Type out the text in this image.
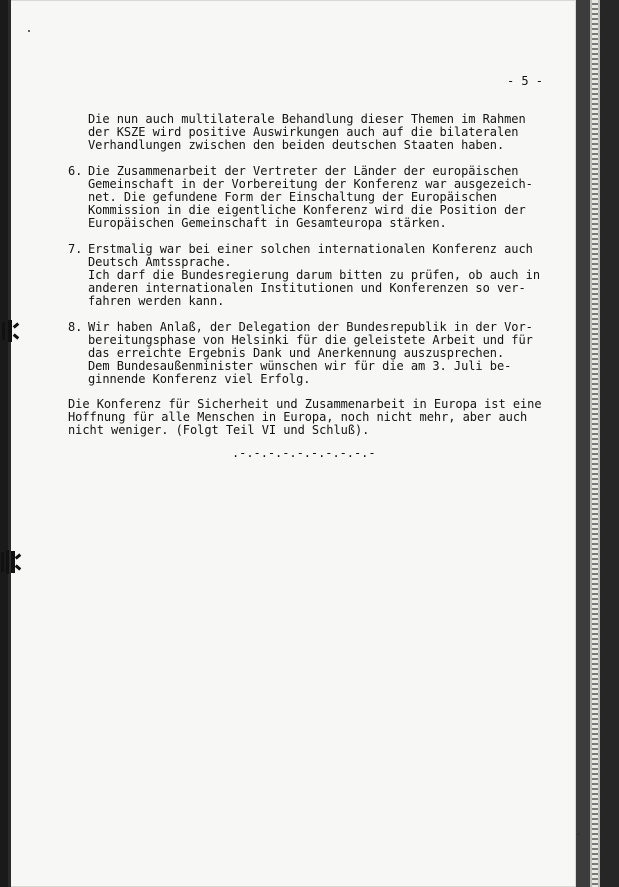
- 5 -
Die nun auch multilaterale Behandlung dieser Themen im Rahmen
der KSZE wird positive Auswirkungen auch auf die bilateralen
Verhandlungen zwischen den beiden deutschen Staaten haben.
6. Die Zusammenarbeit der Vertreter der Länder der europäischen
Gemeinschaft in der Vorbereitung der Konferenz war ausgezeich-
net. Die gefundene Form der Einschaltung der Europäischen
Kommission in die eigentliche Konferenz wird die Position der
Europäischen Gemeinschaft in Gesamteuropa stärken.
7. Erstmalig war bei einer solchen internationalen Konferenz auch
Deutsch Amtssprache.
Ich darf die Bundesregierung darum bitten zu prüfen, ob auch in
anderen internationalen Institutionen und Konferenzen so ver-
fahren werden kann.
8. Wir haben Anlaß, der Delegation der Bundesrepublik in der Vor-
bereitungsphase von Helsinki für die geleistete Arbeit und für
das erreichte Ergebnis Dank und Anerkennung auszusprechen.
Dem Bundesaußenminister wünschen wir für die am 3. Juli be-
ginnende Konferenz viel Erfolg.
Die Konferenz für Sicherheit und Zusammenarbeit in Europa ist eine
Hoffnung für alle Menschen in Europa, noch nicht mehr, aber auch
nicht weniger. (Folgt Teil VI und Schluß).
.-.-.-.-.-.-.-.-.-.-
